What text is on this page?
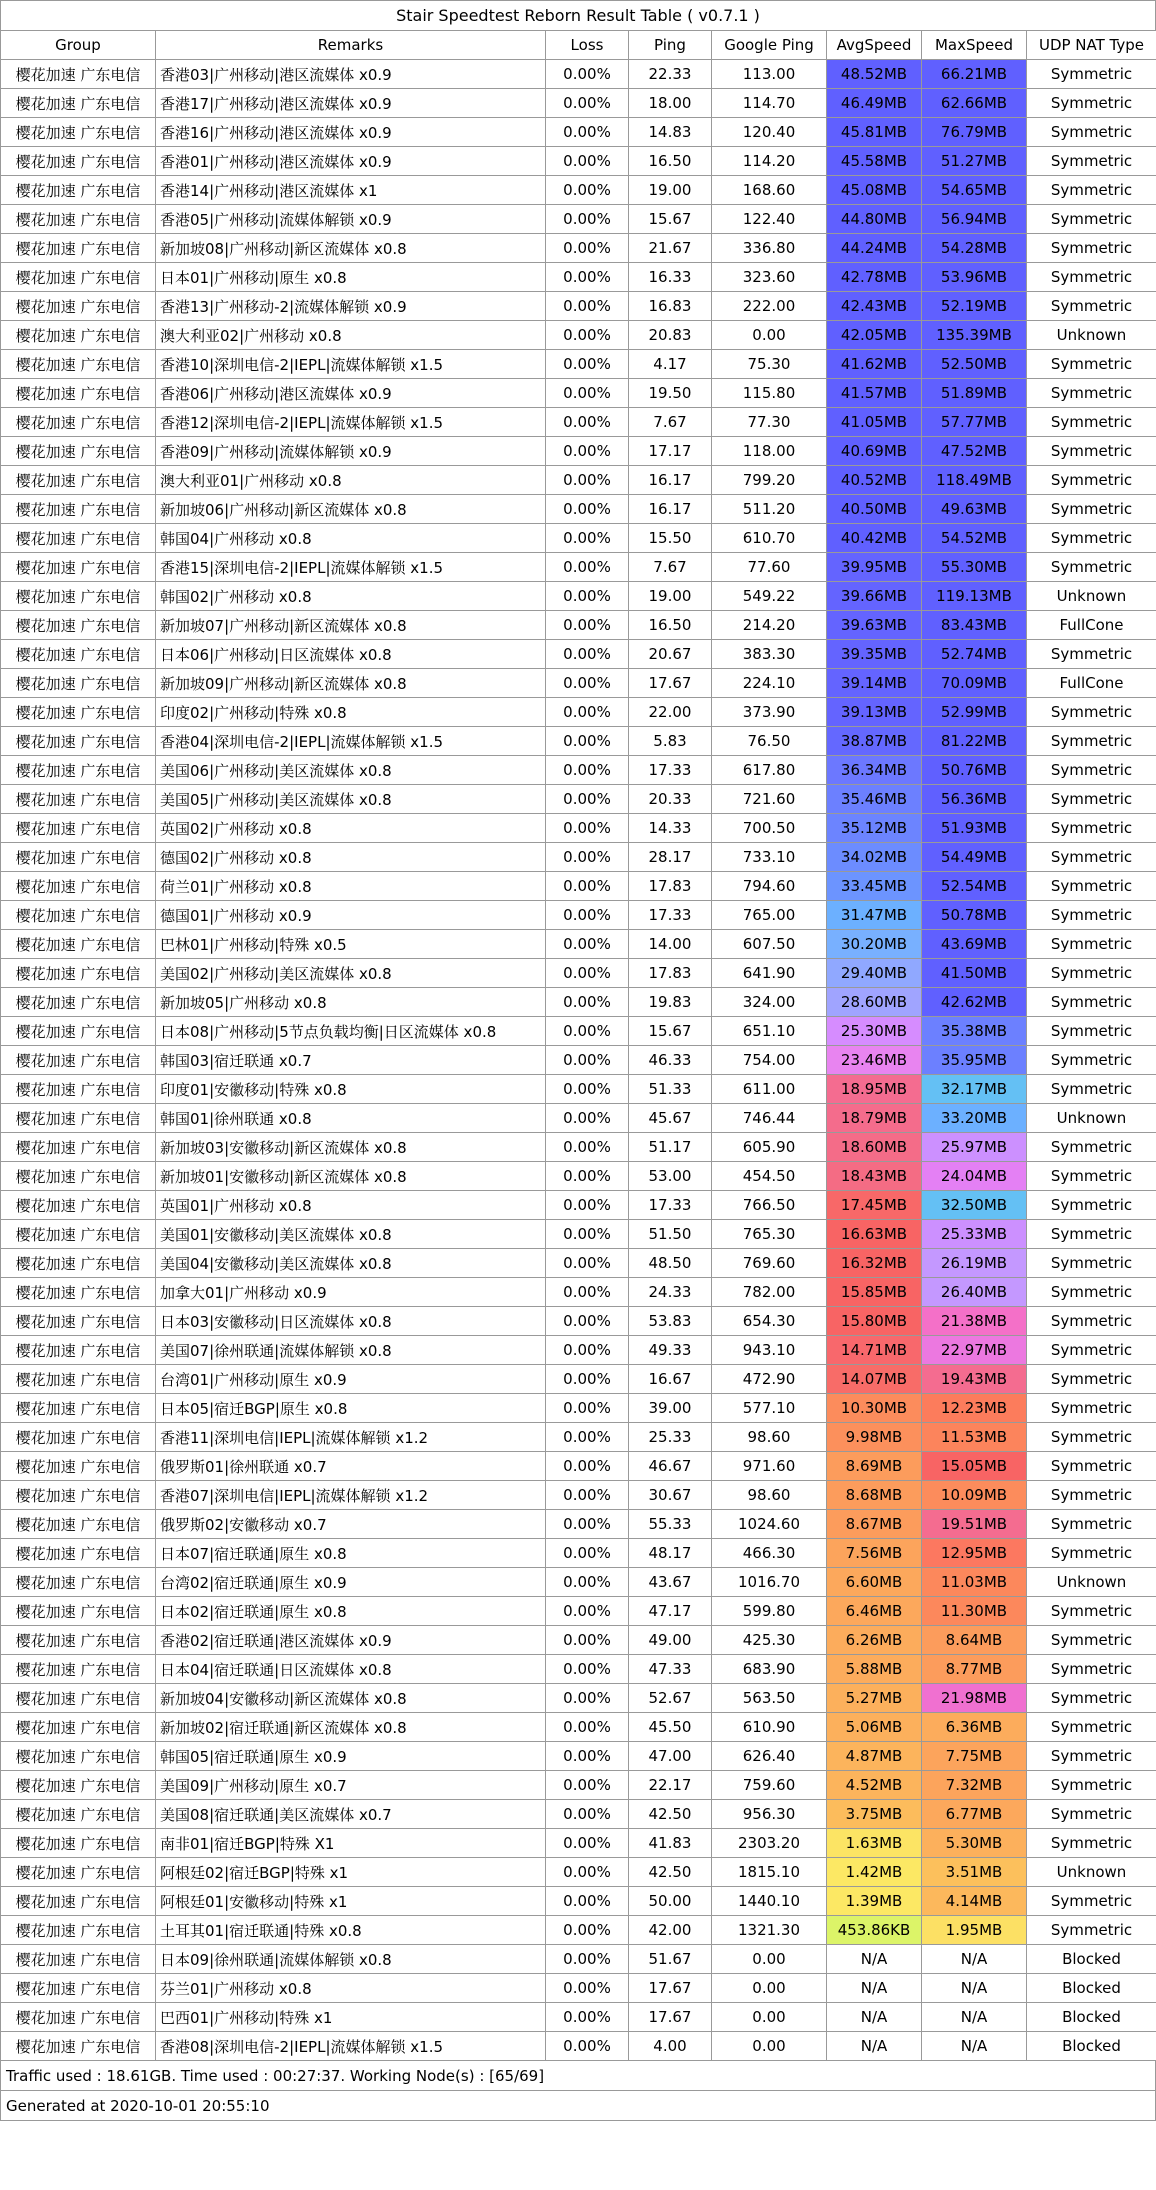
Stair Speedtest Reborn Result Table ( v0.7.1 )
Group	Remarks	Loss	Ping	Google Ping	AvgSpeed	MaxSpeed	UDP NAT Type
樱花加速 广东电信	香港03|广州移动|港区流媒体 x0.9	0.00%	22.33	113.00	48.52MB	66.21MB	Symmetric
樱花加速 广东电信	香港17|广州移动|港区流媒体 x0.9	0.00%	18.00	114.70	46.49MB	62.66MB	Symmetric
樱花加速 广东电信	香港16|广州移动|港区流媒体 x0.9	0.00%	14.83	120.40	45.81MB	76.79MB	Symmetric
樱花加速 广东电信	香港01|广州移动|港区流媒体 x0.9	0.00%	16.50	114.20	45.58MB	51.27MB	Symmetric
樱花加速 广东电信	香港14|广州移动|港区流媒体 x1	0.00%	19.00	168.60	45.08MB	54.65MB	Symmetric
樱花加速 广东电信	香港05|广州移动|流媒体解锁 x0.9	0.00%	15.67	122.40	44.80MB	56.94MB	Symmetric
樱花加速 广东电信	新加坡08|广州移动|新区流媒体 x0.8	0.00%	21.67	336.80	44.24MB	54.28MB	Symmetric
樱花加速 广东电信	日本01|广州移动|原生 x0.8	0.00%	16.33	323.60	42.78MB	53.96MB	Symmetric
樱花加速 广东电信	香港13|广州移动-2|流媒体解锁 x0.9	0.00%	16.83	222.00	42.43MB	52.19MB	Symmetric
樱花加速 广东电信	澳大利亚02|广州移动 x0.8	0.00%	20.83	0.00	42.05MB	135.39MB	Unknown
樱花加速 广东电信	香港10|深圳电信-2|IEPL|流媒体解锁 x1.5	0.00%	4.17	75.30	41.62MB	52.50MB	Symmetric
樱花加速 广东电信	香港06|广州移动|港区流媒体 x0.9	0.00%	19.50	115.80	41.57MB	51.89MB	Symmetric
樱花加速 广东电信	香港12|深圳电信-2|IEPL|流媒体解锁 x1.5	0.00%	7.67	77.30	41.05MB	57.77MB	Symmetric
樱花加速 广东电信	香港09|广州移动|流媒体解锁 x0.9	0.00%	17.17	118.00	40.69MB	47.52MB	Symmetric
樱花加速 广东电信	澳大利亚01|广州移动 x0.8	0.00%	16.17	799.20	40.52MB	118.49MB	Symmetric
樱花加速 广东电信	新加坡06|广州移动|新区流媒体 x0.8	0.00%	16.17	511.20	40.50MB	49.63MB	Symmetric
樱花加速 广东电信	韩国04|广州移动 x0.8	0.00%	15.50	610.70	40.42MB	54.52MB	Symmetric
樱花加速 广东电信	香港15|深圳电信-2|IEPL|流媒体解锁 x1.5	0.00%	7.67	77.60	39.95MB	55.30MB	Symmetric
樱花加速 广东电信	韩国02|广州移动 x0.8	0.00%	19.00	549.22	39.66MB	119.13MB	Unknown
樱花加速 广东电信	新加坡07|广州移动|新区流媒体 x0.8	0.00%	16.50	214.20	39.63MB	83.43MB	FullCone
樱花加速 广东电信	日本06|广州移动|日区流媒体 x0.8	0.00%	20.67	383.30	39.35MB	52.74MB	Symmetric
樱花加速 广东电信	新加坡09|广州移动|新区流媒体 x0.8	0.00%	17.67	224.10	39.14MB	70.09MB	FullCone
樱花加速 广东电信	印度02|广州移动|特殊 x0.8	0.00%	22.00	373.90	39.13MB	52.99MB	Symmetric
樱花加速 广东电信	香港04|深圳电信-2|IEPL|流媒体解锁 x1.5	0.00%	5.83	76.50	38.87MB	81.22MB	Symmetric
樱花加速 广东电信	美国06|广州移动|美区流媒体 x0.8	0.00%	17.33	617.80	36.34MB	50.76MB	Symmetric
樱花加速 广东电信	美国05|广州移动|美区流媒体 x0.8	0.00%	20.33	721.60	35.46MB	56.36MB	Symmetric
樱花加速 广东电信	英国02|广州移动 x0.8	0.00%	14.33	700.50	35.12MB	51.93MB	Symmetric
樱花加速 广东电信	德国02|广州移动 x0.8	0.00%	28.17	733.10	34.02MB	54.49MB	Symmetric
樱花加速 广东电信	荷兰01|广州移动 x0.8	0.00%	17.83	794.60	33.45MB	52.54MB	Symmetric
樱花加速 广东电信	德国01|广州移动 x0.9	0.00%	17.33	765.00	31.47MB	50.78MB	Symmetric
樱花加速 广东电信	巴林01|广州移动|特殊 x0.5	0.00%	14.00	607.50	30.20MB	43.69MB	Symmetric
樱花加速 广东电信	美国02|广州移动|美区流媒体 x0.8	0.00%	17.83	641.90	29.40MB	41.50MB	Symmetric
樱花加速 广东电信	新加坡05|广州移动 x0.8	0.00%	19.83	324.00	28.60MB	42.62MB	Symmetric
樱花加速 广东电信	日本08|广州移动|5节点负载均衡|日区流媒体 x0.8	0.00%	15.67	651.10	25.30MB	35.38MB	Symmetric
樱花加速 广东电信	韩国03|宿迁联通 x0.7	0.00%	46.33	754.00	23.46MB	35.95MB	Symmetric
樱花加速 广东电信	印度01|安徽移动|特殊 x0.8	0.00%	51.33	611.00	18.95MB	32.17MB	Symmetric
樱花加速 广东电信	韩国01|徐州联通 x0.8	0.00%	45.67	746.44	18.79MB	33.20MB	Unknown
樱花加速 广东电信	新加坡03|安徽移动|新区流媒体 x0.8	0.00%	51.17	605.90	18.60MB	25.97MB	Symmetric
樱花加速 广东电信	新加坡01|安徽移动|新区流媒体 x0.8	0.00%	53.00	454.50	18.43MB	24.04MB	Symmetric
樱花加速 广东电信	英国01|广州移动 x0.8	0.00%	17.33	766.50	17.45MB	32.50MB	Symmetric
樱花加速 广东电信	美国01|安徽移动|美区流媒体 x0.8	0.00%	51.50	765.30	16.63MB	25.33MB	Symmetric
樱花加速 广东电信	美国04|安徽移动|美区流媒体 x0.8	0.00%	48.50	769.60	16.32MB	26.19MB	Symmetric
樱花加速 广东电信	加拿大01|广州移动 x0.9	0.00%	24.33	782.00	15.85MB	26.40MB	Symmetric
樱花加速 广东电信	日本03|安徽移动|日区流媒体 x0.8	0.00%	53.83	654.30	15.80MB	21.38MB	Symmetric
樱花加速 广东电信	美国07|徐州联通|流媒体解锁 x0.8	0.00%	49.33	943.10	14.71MB	22.97MB	Symmetric
樱花加速 广东电信	台湾01|广州移动|原生 x0.9	0.00%	16.67	472.90	14.07MB	19.43MB	Symmetric
樱花加速 广东电信	日本05|宿迁BGP|原生 x0.8	0.00%	39.00	577.10	10.30MB	12.23MB	Symmetric
樱花加速 广东电信	香港11|深圳电信|IEPL|流媒体解锁 x1.2	0.00%	25.33	98.60	9.98MB	11.53MB	Symmetric
樱花加速 广东电信	俄罗斯01|徐州联通 x0.7	0.00%	46.67	971.60	8.69MB	15.05MB	Symmetric
樱花加速 广东电信	香港07|深圳电信|IEPL|流媒体解锁 x1.2	0.00%	30.67	98.60	8.68MB	10.09MB	Symmetric
樱花加速 广东电信	俄罗斯02|安徽移动 x0.7	0.00%	55.33	1024.60	8.67MB	19.51MB	Symmetric
樱花加速 广东电信	日本07|宿迁联通|原生 x0.8	0.00%	48.17	466.30	7.56MB	12.95MB	Symmetric
樱花加速 广东电信	台湾02|宿迁联通|原生 x0.9	0.00%	43.67	1016.70	6.60MB	11.03MB	Unknown
樱花加速 广东电信	日本02|宿迁联通|原生 x0.8	0.00%	47.17	599.80	6.46MB	11.30MB	Symmetric
樱花加速 广东电信	香港02|宿迁联通|港区流媒体 x0.9	0.00%	49.00	425.30	6.26MB	8.64MB	Symmetric
樱花加速 广东电信	日本04|宿迁联通|日区流媒体 x0.8	0.00%	47.33	683.90	5.88MB	8.77MB	Symmetric
樱花加速 广东电信	新加坡04|安徽移动|新区流媒体 x0.8	0.00%	52.67	563.50	5.27MB	21.98MB	Symmetric
樱花加速 广东电信	新加坡02|宿迁联通|新区流媒体 x0.8	0.00%	45.50	610.90	5.06MB	6.36MB	Symmetric
樱花加速 广东电信	韩国05|宿迁联通|原生 x0.9	0.00%	47.00	626.40	4.87MB	7.75MB	Symmetric
樱花加速 广东电信	美国09|广州移动|原生 x0.7	0.00%	22.17	759.60	4.52MB	7.32MB	Symmetric
樱花加速 广东电信	美国08|宿迁联通|美区流媒体 x0.7	0.00%	42.50	956.30	3.75MB	6.77MB	Symmetric
樱花加速 广东电信	南非01|宿迁BGP|特殊 X1	0.00%	41.83	2303.20	1.63MB	5.30MB	Symmetric
樱花加速 广东电信	阿根廷02|宿迁BGP|特殊 x1	0.00%	42.50	1815.10	1.42MB	3.51MB	Unknown
樱花加速 广东电信	阿根廷01|安徽移动|特殊 x1	0.00%	50.00	1440.10	1.39MB	4.14MB	Symmetric
樱花加速 广东电信	土耳其01|宿迁联通|特殊 x0.8	0.00%	42.00	1321.30	453.86KB	1.95MB	Symmetric
樱花加速 广东电信	日本09|徐州联通|流媒体解锁 x0.8	0.00%	51.67	0.00	N/A	N/A	Blocked
樱花加速 广东电信	芬兰01|广州移动 x0.8	0.00%	17.67	0.00	N/A	N/A	Blocked
樱花加速 广东电信	巴西01|广州移动|特殊 x1	0.00%	17.67	0.00	N/A	N/A	Blocked
樱花加速 广东电信	香港08|深圳电信-2|IEPL|流媒体解锁 x1.5	0.00%	4.00	0.00	N/A	N/A	Blocked
Traffic used : 18.61GB. Time used : 00:27:37. Working Node(s) : [65/69]
Generated at 2020-10-01 20:55:10
